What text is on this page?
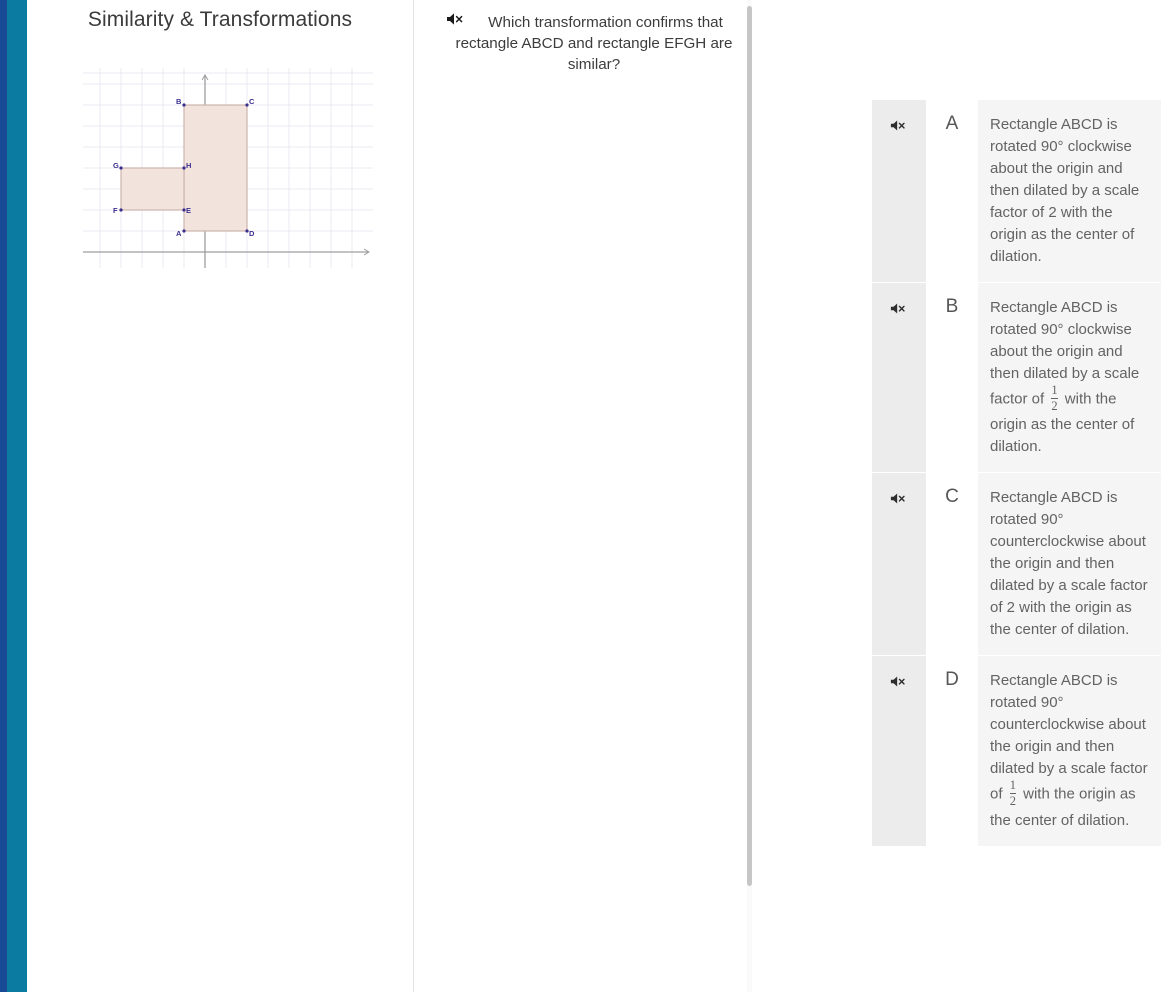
Similarity & Transformations
A
B	C
D
F
G	H
E
Which transformation confirms that rectangle ABCD and rectangle EFGH are similar?
A	Rectangle ABCD is rotated 90° clockwise about the origin and then dilated by a scale factor of 2 with the origin as the center of dilation.
B	Rectangle ABCD is rotated 90° clockwise about the origin and then dilated by a scale factor of $\frac{1}{2}$ with the origin as the center of dilation.
C	Rectangle ABCD is rotated 90° counterclockwise about the origin and then dilated by a scale factor of 2 with the origin as the center of dilation.
D	Rectangle ABCD is rotated 90° counterclockwise about the origin and then dilated by a scale factor of $\frac{1}{2}$ with the origin as the center of dilation.
